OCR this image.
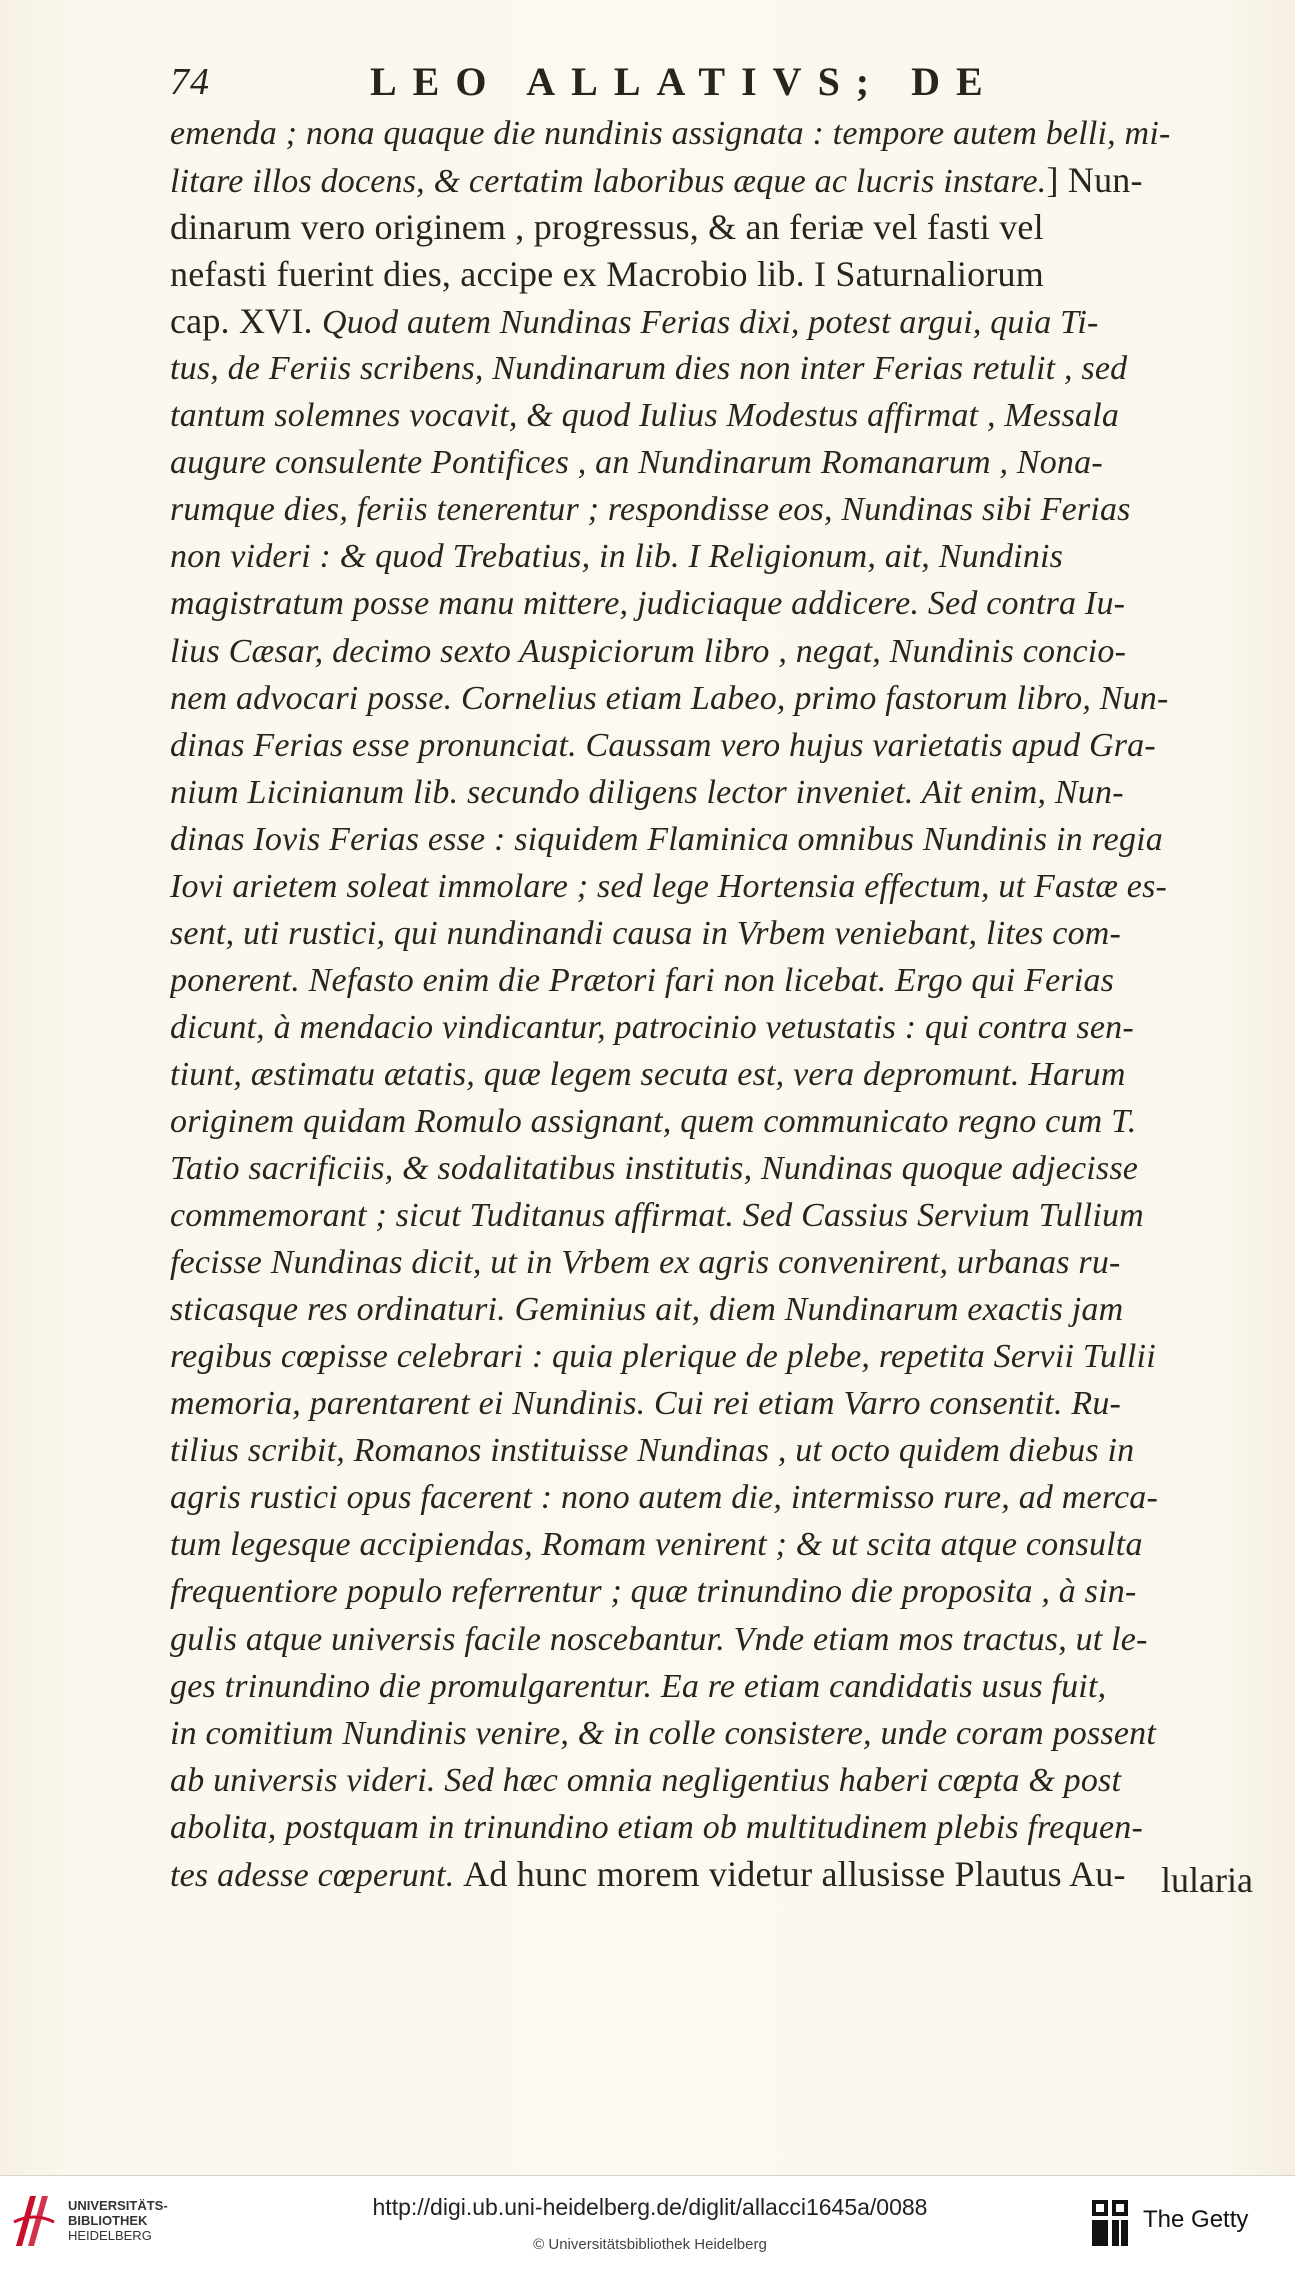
74	LEO ALLATIVS; DE
emenda ; nona quaque die nundinis assignata : tempore autem belli, mi-
litare illos docens, & certatim laboribus æque ac lucris instare.] Nun-
dinarum vero originem , progressus, & an feriæ vel fasti vel
nefasti fuerint dies, accipe ex Macrobio lib. I Saturnaliorum
cap. XVI. Quod autem Nundinas Ferias dixi, potest argui, quia Ti-
tus, de Feriis scribens, Nundinarum dies non inter Ferias retulit , sed
tantum solemnes vocavit, & quod Iulius Modestus affirmat , Messala
augure consulente Pontifices , an Nundinarum Romanarum , Nona-
rumque dies, feriis tenerentur ; respondisse eos, Nundinas sibi Ferias
non videri : & quod Trebatius, in lib. I Religionum, ait, Nundinis
magistratum posse manu mittere, judiciaque addicere. Sed contra Iu-
lius Cæsar, decimo sexto Auspiciorum libro , negat, Nundinis concio-
nem advocari posse. Cornelius etiam Labeo, primo fastorum libro, Nun-
dinas Ferias esse pronunciat. Caussam vero hujus varietatis apud Gra-
nium Licinianum lib. secundo diligens lector inveniet. Ait enim, Nun-
dinas Iovis Ferias esse : siquidem Flaminica omnibus Nundinis in regia
Iovi arietem soleat immolare ; sed lege Hortensia effectum, ut Fastæ es-
sent, uti rustici, qui nundinandi causa in Vrbem veniebant, lites com-
ponerent. Nefasto enim die Prætori fari non licebat. Ergo qui Ferias
dicunt, à mendacio vindicantur, patrocinio vetustatis : qui contra sen-
tiunt, æstimatu ætatis, quæ legem secuta est, vera depromunt. Harum
originem quidam Romulo assignant, quem communicato regno cum T.
Tatio sacrificiis, & sodalitatibus institutis, Nundinas quoque adjecisse
commemorant ; sicut Tuditanus affirmat. Sed Cassius Servium Tullium
fecisse Nundinas dicit, ut in Vrbem ex agris convenirent, urbanas ru-
sticasque res ordinaturi. Geminius ait, diem Nundinarum exactis jam
regibus cœpisse celebrari : quia plerique de plebe, repetita Servii Tullii
memoria, parentarent ei Nundinis. Cui rei etiam Varro consentit. Ru-
tilius scribit, Romanos instituisse Nundinas , ut octo quidem diebus in
agris rustici opus facerent : nono autem die, intermisso rure, ad merca-
tum legesque accipiendas, Romam venirent ; & ut scita atque consulta
frequentiore populo referrentur ; quæ trinundino die proposita , à sin-
gulis atque universis facile noscebantur. Vnde etiam mos tractus, ut le-
ges trinundino die promulgarentur. Ea re etiam candidatis usus fuit,
in comitium Nundinis venire, & in colle consistere, unde coram possent
ab universis videri. Sed hæc omnia negligentius haberi cœpta & post
abolita, postquam in trinundino etiam ob multitudinem plebis frequen-
tes adesse cœperunt. Ad hunc morem videtur allusisse Plautus Au- lularia
UNIVERSITÄTS-
BIBLIOTHEK
HEIDELBERG
http://digi.ub.uni-heidelberg.de/diglit/allacci1645a/0088
© Universitätsbibliothek Heidelberg
The Getty
